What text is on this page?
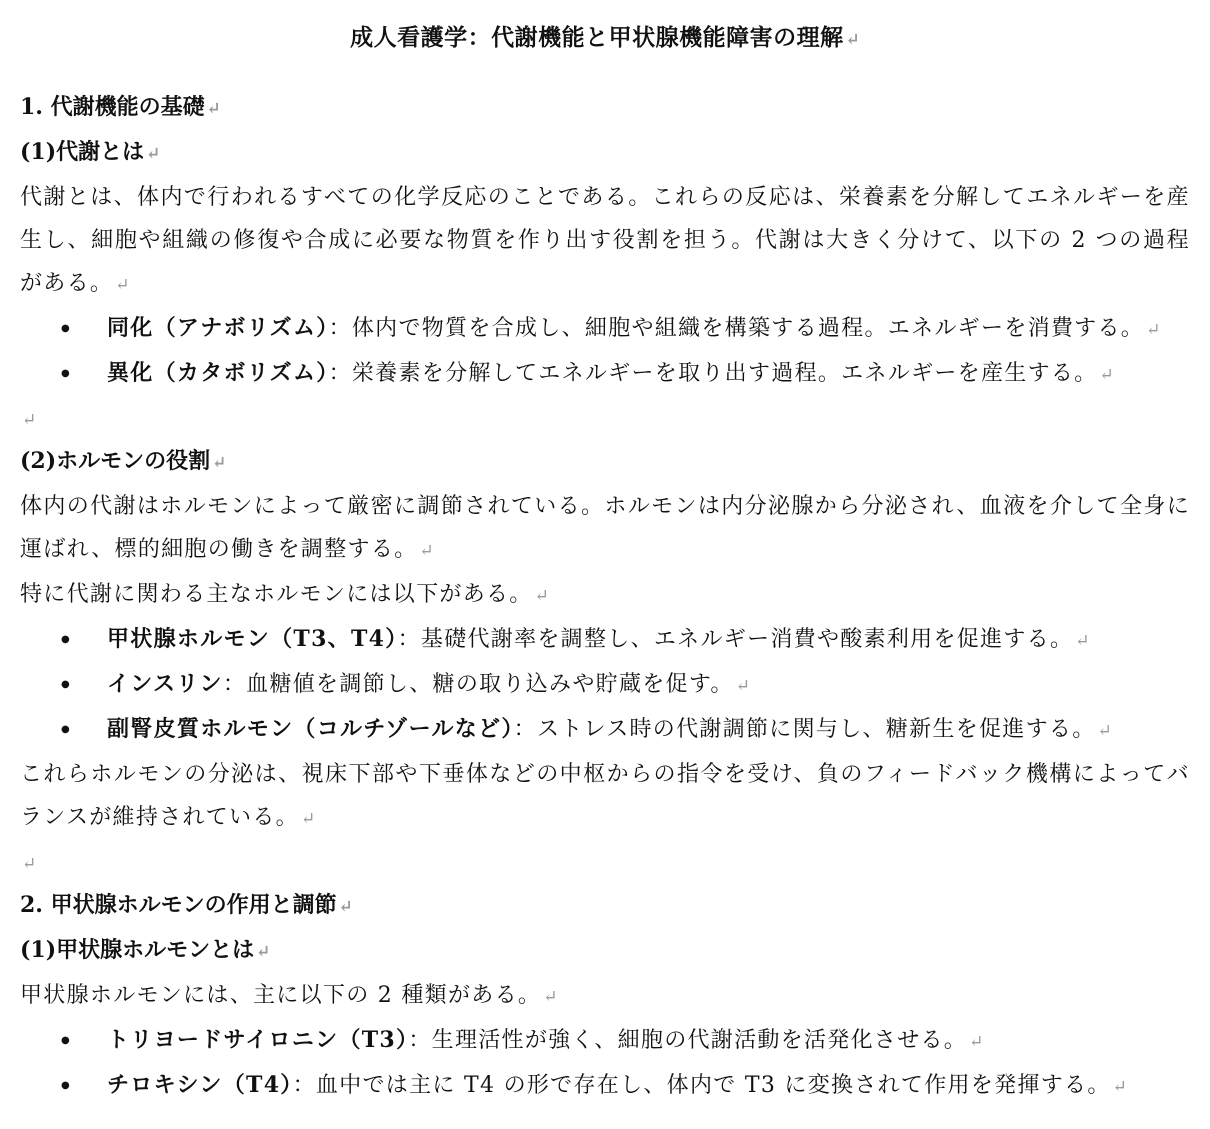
成人看護学：代謝機能と甲状腺機能障害の理解 ↵
1. 代謝機能の基礎 ↵
(1)代謝とは ↵

代謝とは、体内で行われるすべての化学反応のことである。これらの反応は、栄養素を分解してエネルギーを産生し、細胞や組織の修復や合成に必要な物質を作り出す役割を担う。代謝は大きく分けて、以下の 2 つの過程がある。 ↵

● 同化（アナボリズム）：体内で物質を合成し、細胞や組織を構築する過程。エネルギーを消費する。 ↵
● 異化（カタボリズム）：栄養素を分解してエネルギーを取り出す過程。エネルギーを産生する。 ↵
↵
(2)ホルモンの役割 ↵

体内の代謝はホルモンによって厳密に調節されている。ホルモンは内分泌腺から分泌され、血液を介して全身に運ばれ、標的細胞の働きを調整する。 ↵

特に代謝に関わる主なホルモンには以下がある。 ↵

● 甲状腺ホルモン（T3、T4）：基礎代謝率を調整し、エネルギー消費や酸素利用を促進する。 ↵
● インスリン：血糖値を調節し、糖の取り込みや貯蔵を促す。 ↵
● 副腎皮質ホルモン（コルチゾールなど）：ストレス時の代謝調節に関与し、糖新生を促進する。 ↵

これらホルモンの分泌は、視床下部や下垂体などの中枢からの指令を受け、負のフィードバック機構によってバランスが維持されている。 ↵

↵
2. 甲状腺ホルモンの作用と調節 ↵
(1)甲状腺ホルモンとは ↵

甲状腺ホルモンには、主に以下の 2 種類がある。 ↵

● トリヨードサイロニン（T3）：生理活性が強く、細胞の代謝活動を活発化させる。 ↵
● チロキシン（T4）：血中では主に T4 の形で存在し、体内で T3 に変換されて作用を発揮する。 ↵
